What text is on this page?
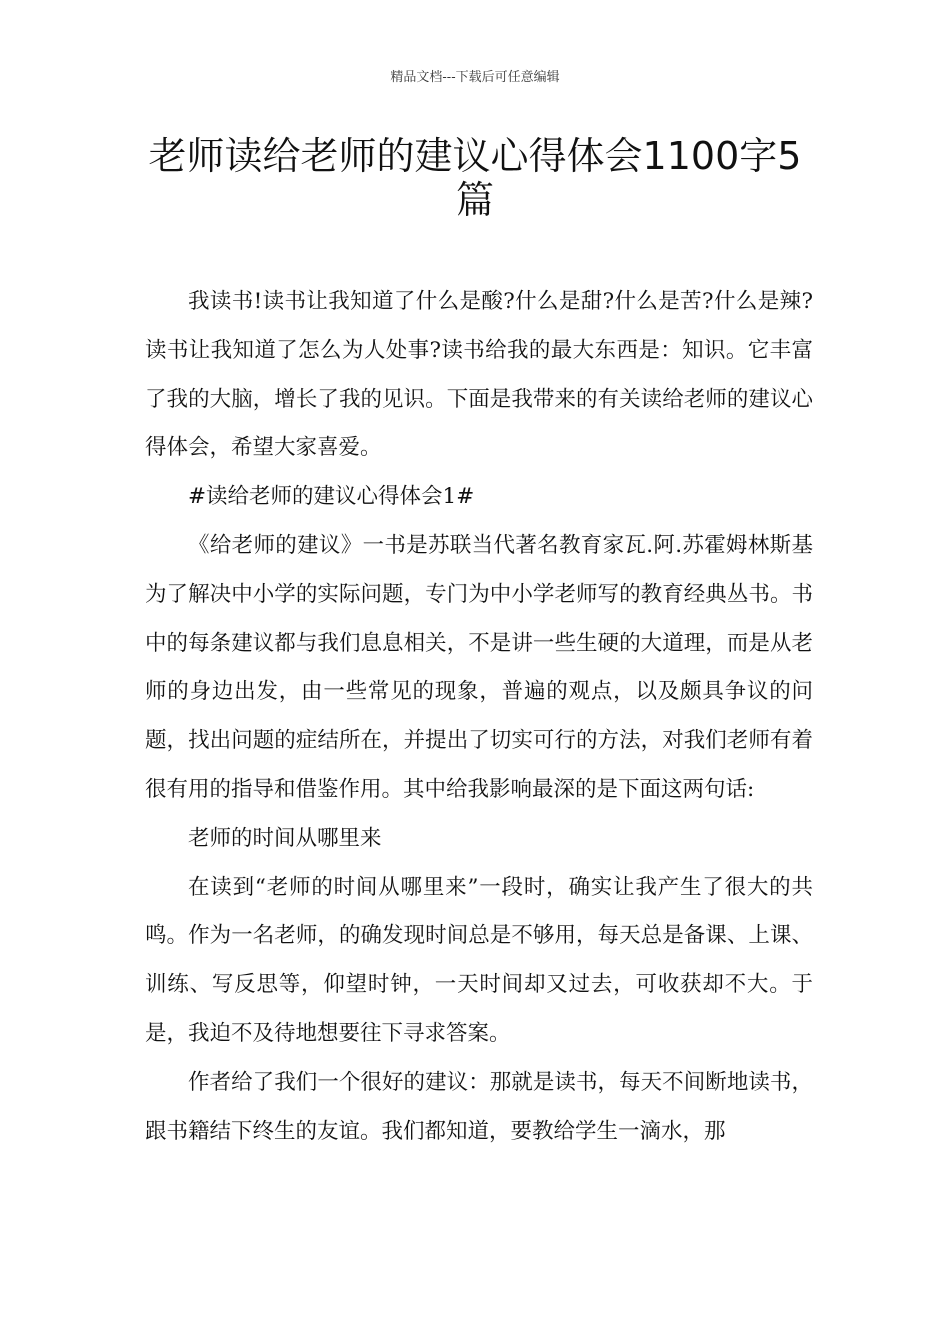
精品文档---下载后可任意编辑
老师读给老师的建议心得体会1100字5篇

我读书!读书让我知道了什么是酸?什么是甜?什么是苦?什么是辣?读书让我知道了怎么为人处事?读书给我的最大东西是：知识。它丰富了我的大脑，增长了我的见识。下面是我带来的有关读给老师的建议心得体会，希望大家喜爱。

#读给老师的建议心得体会1#

《给老师的建议》一书是苏联当代著名教育家瓦.阿.苏霍姆林斯基为了解决中小学的实际问题，专门为中小学老师写的教育经典丛书。书中的每条建议都与我们息息相关，不是讲一些生硬的大道理，而是从老师的身边出发，由一些常见的现象，普遍的观点，以及颇具争议的问题，找出问题的症结所在，并提出了切实可行的方法，对我们老师有着很有用的指导和借鉴作用。其中给我影响最深的是下面这两句话:

老师的时间从哪里来

在读到“老师的时间从哪里来”一段时，确实让我产生了很大的共鸣。作为一名老师，的确发现时间总是不够用，每天总是备课、上课、训练、写反思等，仰望时钟，一天时间却又过去，可收获却不大。于是，我迫不及待地想要往下寻求答案。

作者给了我们一个很好的建议：那就是读书，每天不间断地读书，跟书籍结下终生的友谊。我们都知道，要教给学生一滴水，那
